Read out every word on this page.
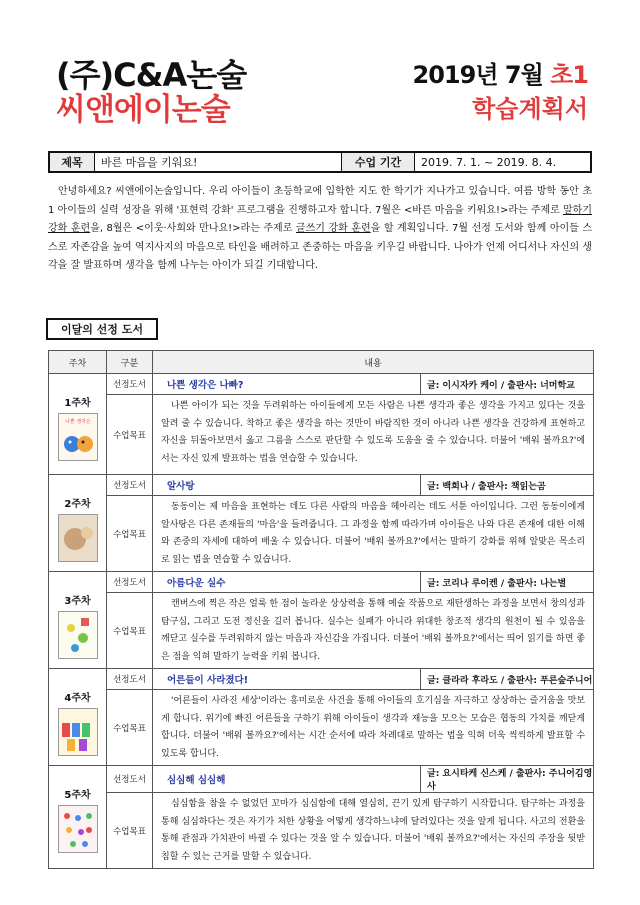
(주)C&A논술
씨앤에이논술
2019년 7월 초1
학습계획서
제목	바른 마음을 키워요!	수업 기간	2019. 7. 1. ~ 2019. 8. 4.
안녕하세요? 씨앤에이논술입니다. 우리 아이들이 초등학교에 입학한 지도 한 학기가 지나가고 있습니다. 여름 방학 동안 초1 아이들의 실력 성장을 위해 '표현력 강화' 프로그램을 진행하고자 합니다. 7월은 <바른 마음을 키워요!>라는 주제로 말하기 강화 훈련을, 8월은 <이웃·사회와 만나요!>라는 주제로 글쓰기 강화 훈련을 할 계획입니다. 7월 선정 도서와 함께 아이들 스스로 자존감을 높여 역지사지의 마음으로 타인을 배려하고 존중하는 마음을 키우길 바랍니다. 나아가 언제 어디서나 자신의 생각을 잘 발표하며 생각을 함께 나누는 아이가 되길 기대합니다.
이달의 선정 도서
주차	구분	내용	

1주차
나쁜 생각은	선정도서	나쁜 생각은 나빠?	글: 이시자카 케이 / 출판사: 너머학교
	수업목표	나쁜 아이가 되는 것을 두려워하는 아이들에게 모든 사람은 나쁜 생각과 좋은 생각을 가지고 있다는 것을 알려 줄 수 있습니다. 착하고 좋은 생각을 하는 것만이 바람직한 것이 아니라 나쁜 생각을 건강하게 표현하고 자신을 뒤돌아보면서 옳고 그름을 스스로 판단할 수 있도록 도움을 줄 수 있습니다. 더불어 '배워 볼까요?'에서는 자신 있게 발표하는 법을 연습할 수 있습니다.	

2주차	선정도서	알사탕	글: 백희나 / 출판사: 책읽는곰
	수업목표	동동이는 제 마음을 표현하는 데도 다른 사람의 마음을 헤아리는 데도 서툰 아이입니다. 그런 동동이에게 알사탕은 다른 존재들의 '마음'을 들려줍니다. 그 과정을 함께 따라가며 아이들은 나와 다른 존재에 대한 이해와 존중의 자세에 대하여 배울 수 있습니다. 더불어 '배워 볼까요?'에서는 말하기 강화를 위해 알맞은 목소리로 읽는 법을 연습할 수 있습니다.	

3주차	선정도서	아름다운 실수	글: 코리나 루이켄 / 출판사: 나는별
	수업목표	캔버스에 찍은 작은 얼룩 한 점이 놀라운 상상력을 통해 예술 작품으로 재탄생하는 과정을 보면서 창의성과 탐구심, 그리고 도전 정신을 길러 봅니다. 실수는 실패가 아니라 위대한 창조적 생각의 원천이 될 수 있음을 깨닫고 실수를 두려워하지 않는 마음과 자신감을 가집니다. 더불어 '배워 볼까요?'에서는 띄어 읽기를 하면 좋은 점을 익혀 말하기 능력을 키워 봅니다.	

4주차	선정도서	어른들이 사라졌다!	글: 클라라 후라도 / 출판사: 푸른숲주니어
	수업목표	'어른들이 사라진 세상'이라는 흥미로운 사건을 통해 아이들의 호기심을 자극하고 상상하는 즐거움을 맛보게 합니다. 위기에 빠진 어른들을 구하기 위해 아이들이 생각과 재능을 모으는 모습은 협동의 가치를 깨닫게 합니다. 더불어 '배워 볼까요?'에서는 시간 순서에 따라 차례대로 말하는 법을 익혀 더욱 씩씩하게 발표할 수 있도록 합니다.	

5주차	선정도서	심심해 심심해	글: 요시타케 신스케 / 출판사: 주니어김영사
	수업목표	심심함을 참을 수 없었던 꼬마가 심심함에 대해 열심히, 끈기 있게 탐구하기 시작합니다. 탐구하는 과정을 통해 심심하다는 것은 자기가 처한 상황을 어떻게 생각하느냐에 달려있다는 것을 알게 됩니다. 사고의 전환을 통해 관점과 가치관이 바뀔 수 있다는 것을 알 수 있습니다. 더불어 '배워 볼까요?'에서는 자신의 주장을 뒷받침할 수 있는 근거를 말할 수 있습니다.	
